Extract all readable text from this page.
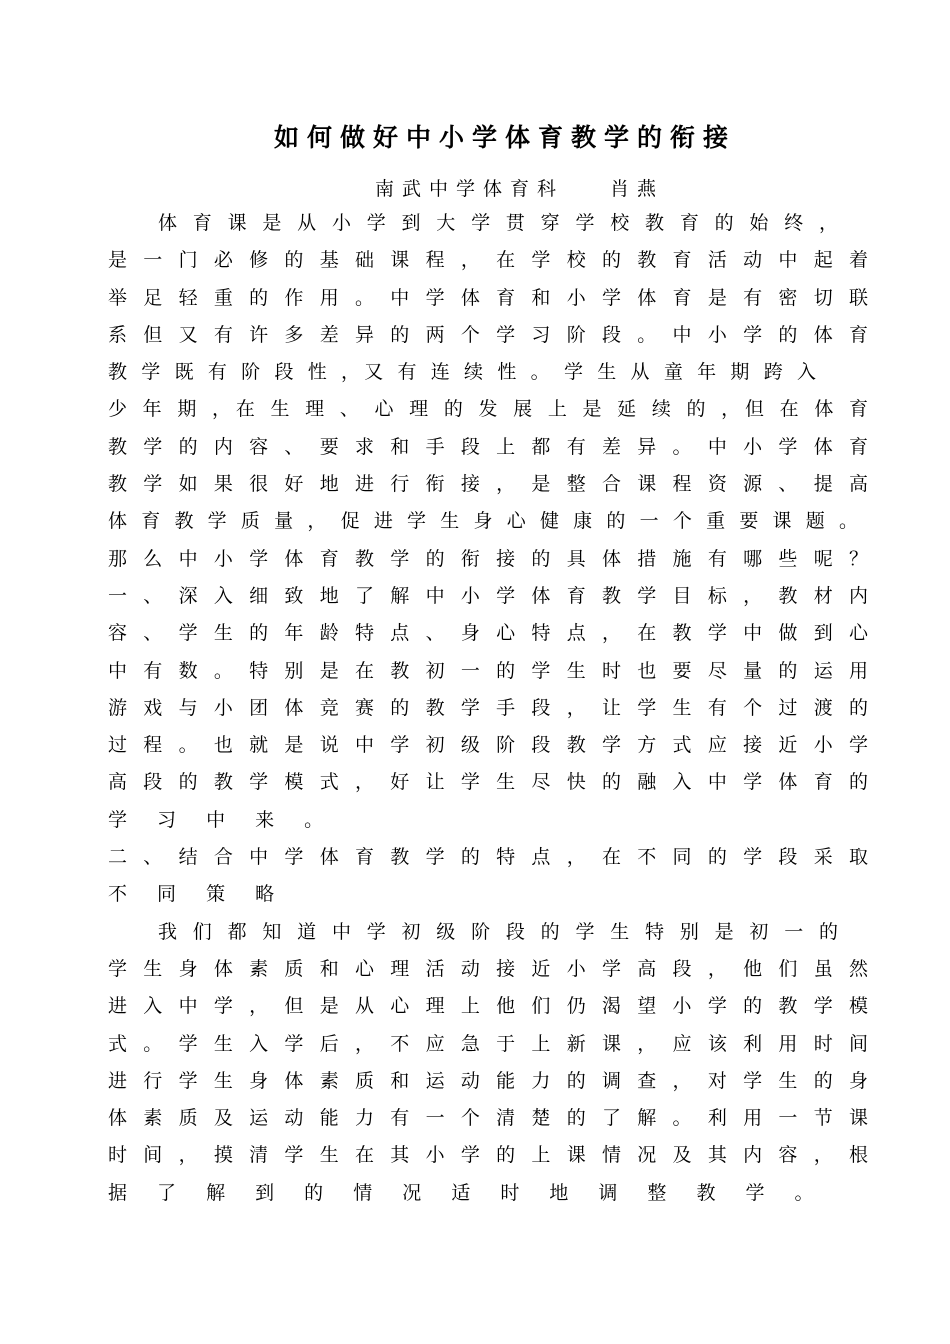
如何做好中小学体育教学的衔接
南武中学体育科 肖燕
体 育 课 是 从 小 学 到 大 学 贯 穿 学 校 教 育 的 始 终 ，
是 一 门 必 修 的 基 础 课 程 ， 在 学 校 的 教 育 活 动 中 起 着
举 足 轻 重 的 作 用 。 中 学 体 育 和 小 学 体 育 是 有 密 切 联
系 但 又 有 许 多 差 异 的 两 个 学 习 阶 段 。 中 小 学 的 体 育
教 学 既 有 阶 段 性 ，又 有 连 续 性 。 学 生 从 童 年 期 跨 入
少 年 期 ，在 生 理 、 心 理 的 发 展 上 是 延 续 的 ，但 在 体 育
教 学 的 内 容 、 要 求 和 手 段 上 都 有 差 异 。 中 小 学 体 育
教 学 如 果 很 好 地 进 行 衔 接 ， 是 整 合 课 程 资 源 、 提 高
体 育 教 学 质 量 ， 促 进 学 生 身 心 健 康 的 一 个 重 要 课 题 。
那 么 中 小 学 体 育 教 学 的 衔 接 的 具 体 措 施 有 哪 些 呢 ？
一 、 深 入 细 致 地 了 解 中 小 学 体 育 教 学 目 标 ， 教 材 内
容 、 学 生 的 年 龄 特 点 、 身 心 特 点 ， 在 教 学 中 做 到 心
中 有 数 。 特 别 是 在 教 初 一 的 学 生 时 也 要 尽 量 的 运 用
游 戏 与 小 团 体 竞 赛 的 教 学 手 段 ， 让 学 生 有 个 过 渡 的
过 程 。 也 就 是 说 中 学 初 级 阶 段 教 学 方 式 应 接 近 小 学
高 段 的 教 学 模 式 ， 好 让 学 生 尽 快 的 融 入 中 学 体 育 的
学 习 中 来 。
二 、 结 合 中 学 体 育 教 学 的 特 点 ， 在 不 同 的 学 段 采 取
不 同 策 略
我 们 都 知 道 中 学 初 级 阶 段 的 学 生 特 别 是 初 一 的
学 生 身 体 素 质 和 心 理 活 动 接 近 小 学 高 段 ， 他 们 虽 然
进 入 中 学 ， 但 是 从 心 理 上 他 们 仍 渴 望 小 学 的 教 学 模
式 。 学 生 入 学 后 ， 不 应 急 于 上 新 课 ， 应 该 利 用 时 间
进 行 学 生 身 体 素 质 和 运 动 能 力 的 调 查 ， 对 学 生 的 身
体 素 质 及 运 动 能 力 有 一 个 清 楚 的 了 解 。 利 用 一 节 课
时 间 ， 摸 清 学 生 在 其 小 学 的 上 课 情 况 及 其 内 容 ， 根
据 了 解 到 的 情 况 适 时 地 调 整 教 学 。
